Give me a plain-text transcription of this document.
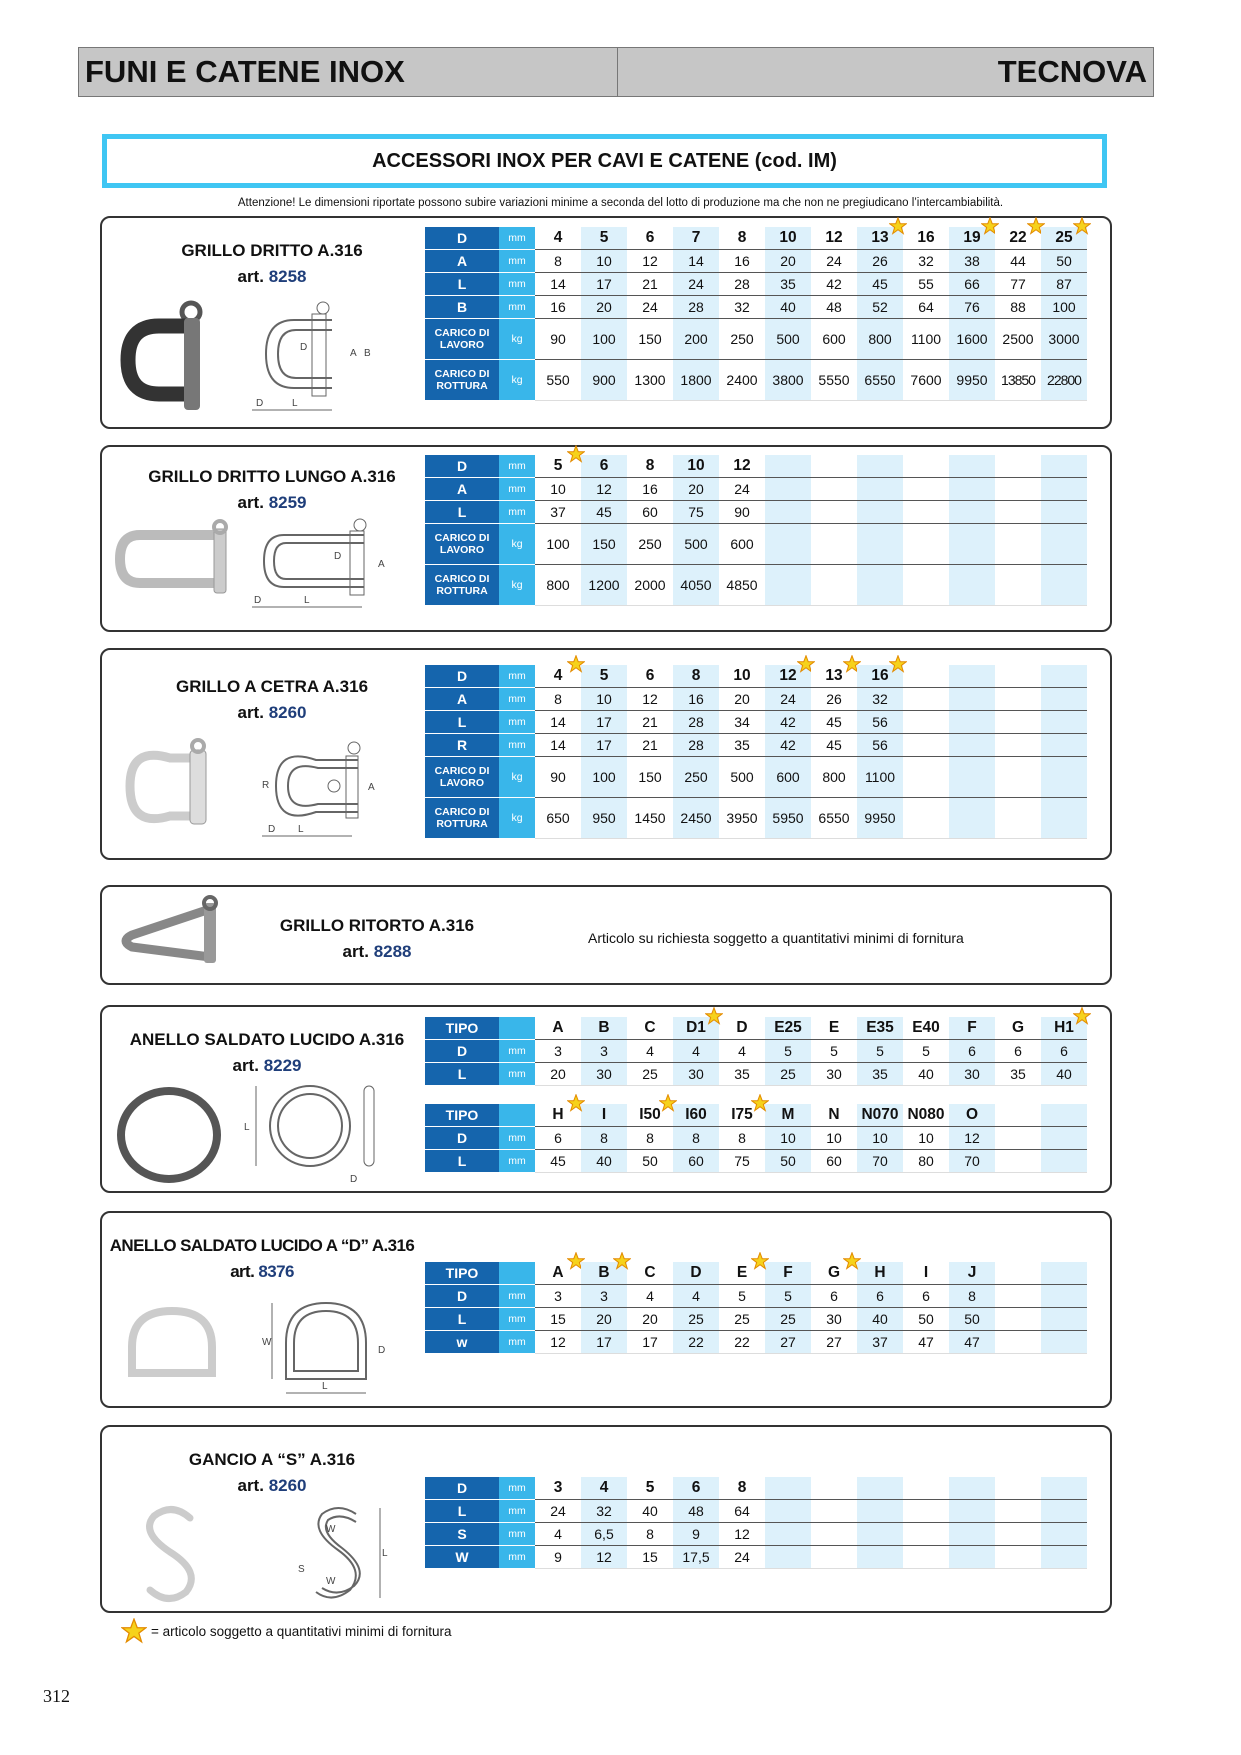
FUNI E CATENE INOX	TECNOVA
ACCESSORI INOX PER CAVI E CATENE (cod. IM)
Attenzione! Le dimensioni riportate possono subire variazioni minime a seconda del lotto di produzione ma che non ne pregiudicano l’intercambiabilità.
GRILLO DRITTO A.316
art. 8258
D
A B
D	L
GRILLO DRITTO LUNGO A.316
art. 8259
D
A
D	L
GRILLO A CETRA A.316
art. 8260
R	A
D L
GRILLO RITORTO A.316
art. 8288
Articolo su richiesta soggetto a quantitativi minimi di fornitura
ANELLO SALDATO LUCIDO A.316
art. 8229
L
D
ANELLO SALDATO LUCIDO A “D” A.316
art. 8376
W
D
L
GANCIO A “S” A.316
art. 8260
W
W
S
L
D	mm	4	5	6	7	8	10	12	13	16	19	22	25

A	mm	8	10	12	14	16	20	24	26	32	38	44	50
L	mm	14	17	21	24	28	35	42	45	55	66	77	87
B	mm	16	20	24	28	32	40	48	52	64	76	88	100
CARICO DI LAVORO	kg	90	100	150	200	250	500	600	800	1100	1600	2500	3000
CARICO DI ROTTURA	kg	550	900	1300	1800	2400	3800	5550	6550	7600	9950	13850	22800
D	mm	5	6	8	10	12							
A	mm	10	12	16	20	24							
L	mm	37	45	60	75	90							
CARICO DI LAVORO	kg	100	150	250	500	600							
CARICO DI ROTTURA	kg	800	1200	2000	4050	4850							
D	mm	4	5	6	8	10	12	13	16

A	mm	8	10	12	16	20	24	26	32				
L	mm	14	17	21	28	34	42	45	56				
R	mm	14	17	21	28	35	42	45	56				
CARICO DI LAVORO	kg	90	100	150	250	500	600	800	1100				
CARICO DI ROTTURA	kg	650	950	1450	2450	3950	5950	6550	9950				
TIPO		A	B	C	D1	D	E25	E	E35	E40	F	G	H1

D	mm	3	3	4	4	4	5	5	5	5	6	6	6
L	mm	20	30	25	30	35	25	30	35	40	30	35	40
TIPO		H	I	I50	I60	I75	M	N	N070	N080	O		
D	mm	6	8	8	8	8	10	10	10	10	12		
L	mm	45	40	50	60	75	50	60	70	80	70		
TIPO		A	B	C	D	E	F	G	H	I	J		
D	mm	3	3	4	4	5	5	6	6	6	8		
L	mm	15	20	20	25	25	25	30	40	50	50		
w	mm	12	17	17	22	22	27	27	37	47	47		
D	mm	3	4	5	6	8							
L	mm	24	32	40	48	64							
S	mm	4	6,5	8	9	12							
W	mm	9	12	15	17,5	24							
= articolo soggetto a quantitativi minimi di fornitura
312
